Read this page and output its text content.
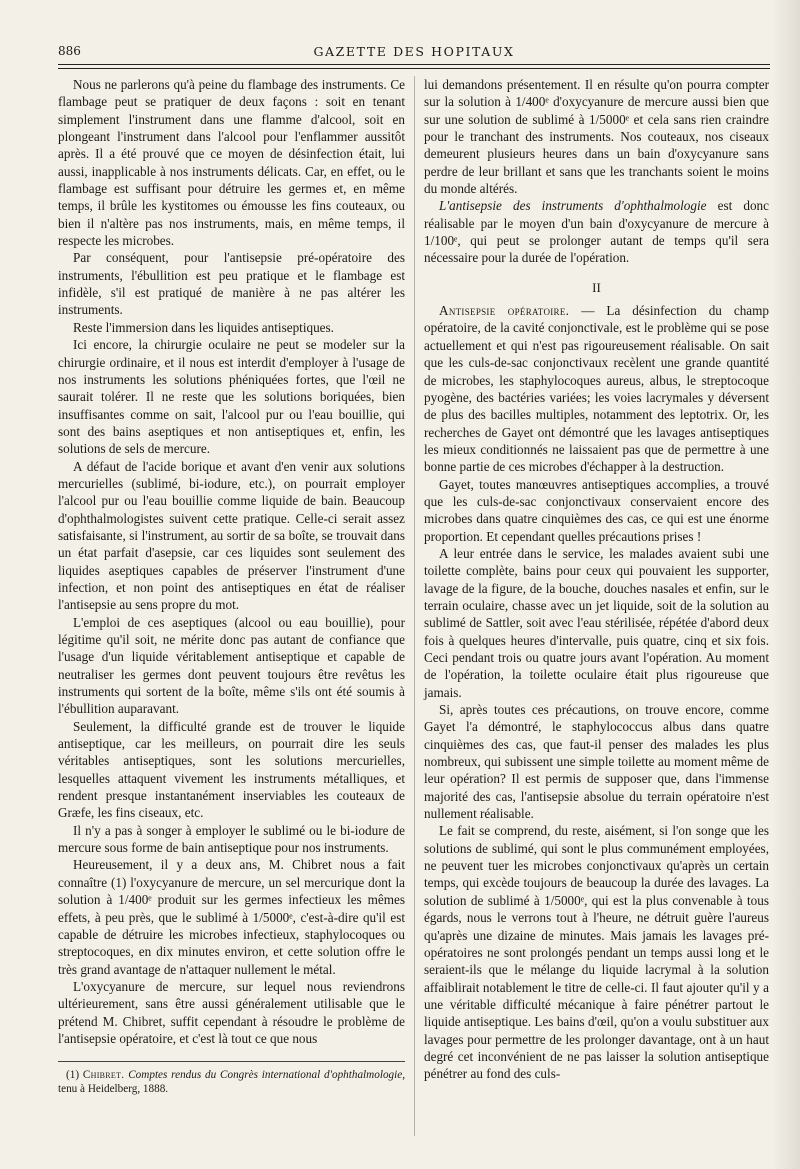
886	GAZETTE DES HOPITAUX

Nous ne parlerons qu'à peine du flambage des instruments. Ce flambage peut se pratiquer de deux façons : soit en tenant simplement l'instrument dans une flamme d'alcool, soit en plongeant l'instrument dans l'alcool pour l'enflammer aussitôt après. Il a été prouvé que ce moyen de désinfection était, lui aussi, inapplicable à nos instruments délicats. Car, en effet, ou le flambage est suffisant pour détruire les germes et, en même temps, il brûle les kystitomes ou émousse les fins couteaux, ou bien il n'altère pas nos instruments, mais, en même temps, il respecte les microbes.

Par conséquent, pour l'antisepsie pré-opératoire des instruments, l'ébullition est peu pratique et le flambage est infidèle, s'il est pratiqué de manière à ne pas altérer les instruments.

Reste l'immersion dans les liquides antiseptiques.

Ici encore, la chirurgie oculaire ne peut se modeler sur la chirurgie ordinaire, et il nous est interdit d'employer à l'usage de nos instruments les solutions phéniquées fortes, que l'œil ne saurait tolérer. Il ne reste que les solutions boriquées, bien insuffisantes comme on sait, l'alcool pur ou l'eau bouillie, qui sont des bains aseptiques et non antiseptiques et, enfin, les solutions de sels de mercure.

A défaut de l'acide borique et avant d'en venir aux solutions mercurielles (sublimé, bi-iodure, etc.), on pourrait employer l'alcool pur ou l'eau bouillie comme liquide de bain. Beaucoup d'ophthalmologistes suivent cette pratique. Celle-ci serait assez satisfaisante, si l'instrument, au sortir de sa boîte, se trouvait dans un état parfait d'asepsie, car ces liquides sont seulement des liquides aseptiques capables de préserver l'instrument d'une infection, et non point des antiseptiques en état de réaliser l'antisepsie au sens propre du mot.

L'emploi de ces aseptiques (alcool ou eau bouillie), pour légitime qu'il soit, ne mérite donc pas autant de confiance que l'usage d'un liquide véritablement antiseptique et capable de neutraliser les germes dont peuvent toujours être revêtus les instruments qui sortent de la boîte, même s'ils ont été soumis à l'ébullition auparavant.

Seulement, la difficulté grande est de trouver le liquide antiseptique, car les meilleurs, on pourrait dire les seuls véritables antiseptiques, sont les solutions mercurielles, lesquelles attaquent vivement les instruments métalliques, et rendent presque instantanément inserviables les couteaux de Græfe, les fins ciseaux, etc.

Il n'y a pas à songer à employer le sublimé ou le bi-iodure de mercure sous forme de bain antiseptique pour nos instruments.

Heureusement, il y a deux ans, M. Chibret nous a fait connaître (1) l'oxycyanure de mercure, un sel mercurique dont la solution à 1/400ᵉ produit sur les germes infectieux les mêmes effets, à peu près, que le sublimé à 1/5000ᵉ, c'est-à-dire qu'il est capable de détruire les microbes infectieux, staphylocoques ou streptocoques, en dix minutes environ, et cette solution offre le très grand avantage de n'attaquer nullement le métal.

L'oxycyanure de mercure, sur lequel nous reviendrons ultérieurement, sans être aussi généralement utilisable que le prétend M. Chibret, suffit cependant à résoudre le problème de l'antisepsie opératoire, et c'est là tout ce que nous

(1) Chibret. Comptes rendus du Congrès international d'ophthalmologie, tenu à Heidelberg, 1888.

lui demandons présentement. Il en résulte qu'on pourra compter sur la solution à 1/400ᵉ d'oxycyanure de mercure aussi bien que sur une solution de sublimé à 1/5000ᵉ et cela sans rien craindre pour le tranchant des instruments. Nos couteaux, nos ciseaux demeurent plusieurs heures dans un bain d'oxycyanure sans perdre de leur brillant et sans que les tranchants soient le moins du monde altérés.

L'antisepsie des instruments d'ophthalmologie est donc réalisable par le moyen d'un bain d'oxycyanure de mercure à 1/100ᵉ, qui peut se prolonger autant de temps qu'il sera nécessaire pour la durée de l'opération.

II

Antisepsie opératoire. — La désinfection du champ opératoire, de la cavité conjonctivale, est le problème qui se pose actuellement et qui n'est pas rigoureusement réalisable. On sait que les culs-de-sac conjonctivaux recèlent une grande quantité de microbes, les staphylocoques aureus, albus, le streptocoque pyogène, des bactéries variées; les voies lacrymales y déversent de plus des bacilles multiples, notamment des leptotrix. Or, les recherches de Gayet ont démontré que les lavages antiseptiques les mieux conditionnés ne laissaient pas que de permettre à une bonne partie de ces microbes d'échapper à la destruction.

Gayet, toutes manœuvres antiseptiques accomplies, a trouvé que les culs-de-sac conjonctivaux conservaient encore des microbes dans quatre cinquièmes des cas, ce qui est une énorme proportion. Et cependant quelles précautions prises !

A leur entrée dans le service, les malades avaient subi une toilette complète, bains pour ceux qui pouvaient les supporter, lavage de la figure, de la bouche, douches nasales et enfin, sur le terrain oculaire, chasse avec un jet liquide, soit de la solution au sublimé de Sattler, soit avec l'eau stérilisée, répétée d'abord deux fois à quelques heures d'intervalle, puis quatre, cinq et six fois. Ceci pendant trois ou quatre jours avant l'opération. Au moment de l'opération, la toilette oculaire était plus rigoureuse que jamais.

Si, après toutes ces précautions, on trouve encore, comme Gayet l'a démontré, le staphylococcus albus dans quatre cinquièmes des cas, que faut-il penser des malades les plus nombreux, qui subissent une simple toilette au moment même de leur opération? Il est permis de supposer que, dans l'immense majorité des cas, l'antisepsie absolue du terrain opératoire n'est nullement réalisable.

Le fait se comprend, du reste, aisément, si l'on songe que les solutions de sublimé, qui sont le plus communément employées, ne peuvent tuer les microbes conjonctivaux qu'après un certain temps, qui excède toujours de beaucoup la durée des lavages. La solution de sublimé à 1/5000ᵉ, qui est la plus convenable à tous égards, nous le verrons tout à l'heure, ne détruit guère l'aureus qu'après une dizaine de minutes. Mais jamais les lavages pré-opératoires ne sont prolongés pendant un temps aussi long et le seraient-ils que le mélange du liquide lacrymal à la solution affaiblirait notablement le titre de celle-ci. Il faut ajouter qu'il y a une véritable difficulté mécanique à faire pénétrer partout le liquide antiseptique. Les bains d'œil, qu'on a voulu substituer aux lavages pour permettre de les prolonger davantage, ont à un haut degré cet inconvénient de ne pas laisser la solution antiseptique pénétrer au fond des culs-
